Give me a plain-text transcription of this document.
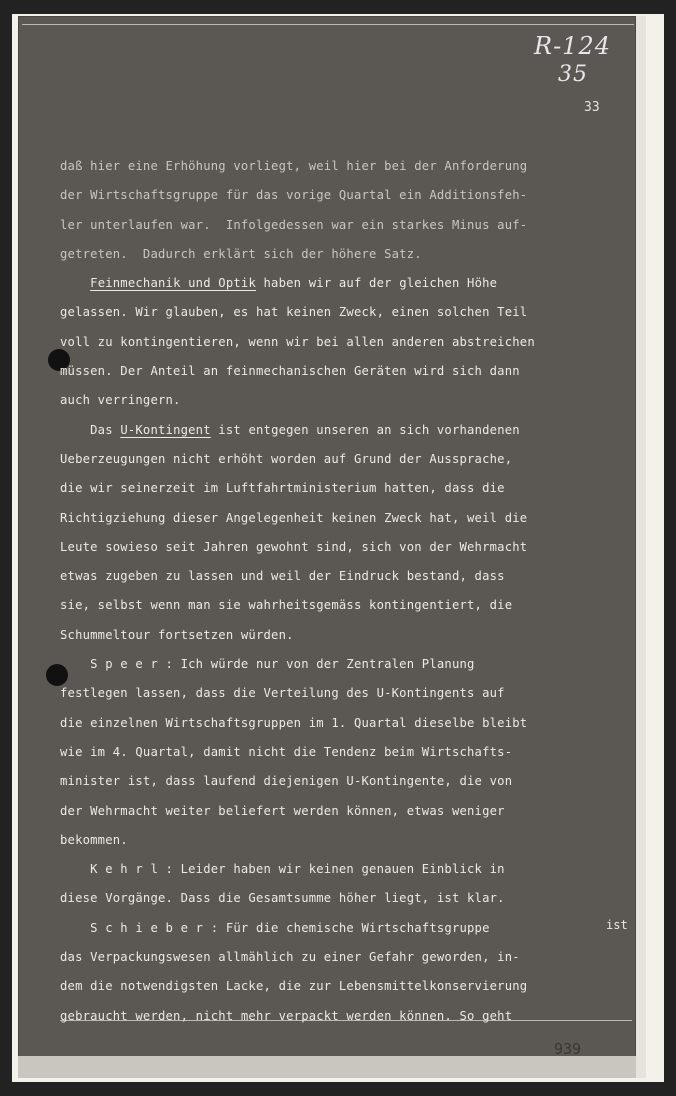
R-124
35
33
daß hier eine Erhöhung vorliegt, weil hier bei der Anforderung
der Wirtschaftsgruppe für das vorige Quartal ein Additionsfeh-
ler unterlaufen war.  Infolgedessen war ein starkes Minus auf-
getreten.  Dadurch erklärt sich der höhere Satz.
Feinmechanik und Optik haben wir auf der gleichen Höhe
gelassen. Wir glauben, es hat keinen Zweck, einen solchen Teil
voll zu kontingentieren, wenn wir bei allen anderen abstreichen
müssen. Der Anteil an feinmechanischen Geräten wird sich dann
auch verringern.
Das U-Kontingent ist entgegen unseren an sich vorhandenen
Ueberzeugungen nicht erhöht worden auf Grund der Aussprache,
die wir seinerzeit im Luftfahrtministerium hatten, dass die
Richtigziehung dieser Angelegenheit keinen Zweck hat, weil die
Leute sowieso seit Jahren gewohnt sind, sich von der Wehrmacht
etwas zugeben zu lassen und weil der Eindruck bestand, dass
sie, selbst wenn man sie wahrheitsgemäss kontingentiert, die
Schummeltour fortsetzen würden.
S p e e r : Ich würde nur von der Zentralen Planung
festlegen lassen, dass die Verteilung des U-Kontingents auf
die einzelnen Wirtschaftsgruppen im 1. Quartal dieselbe bleibt
wie im 4. Quartal, damit nicht die Tendenz beim Wirtschafts-
minister ist, dass laufend diejenigen U-Kontingente, die von
der Wehrmacht weiter beliefert werden können, etwas weniger
bekommen.
K e h r l : Leider haben wir keinen genauen Einblick in
diese Vorgänge. Dass die Gesamtsumme höher liegt, ist klar.
S c h i e b e r : Für die chemische Wirtschaftsgruppe
das Verpackungswesen allmählich zu einer Gefahr geworden, in-
dem die notwendigsten Lacke, die zur Lebensmittelkonservierung
gebraucht werden, nicht mehr verpackt werden können. So geht
ist
939
